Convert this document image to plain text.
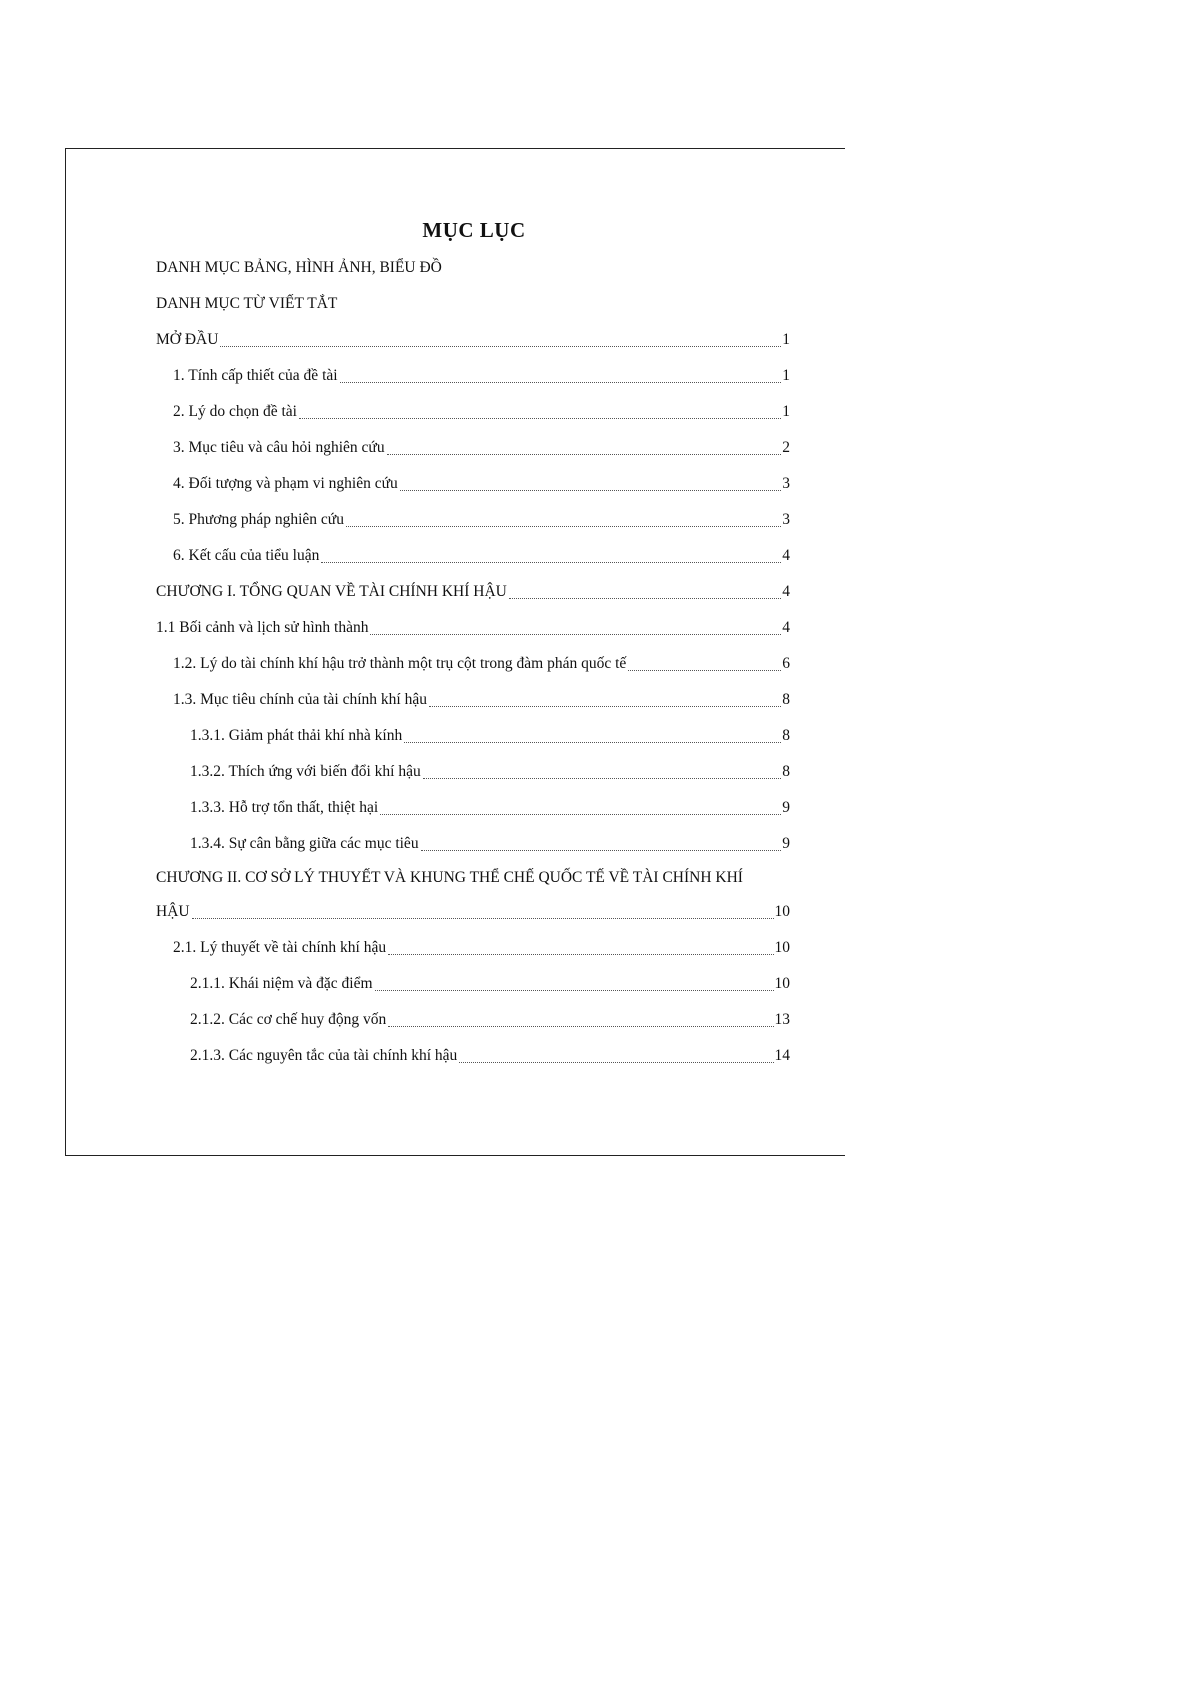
MỤC LỤC
DANH MỤC BẢNG, HÌNH ẢNH, BIỂU ĐỒ
DANH MỤC TỪ VIẾT TẮT
MỞ ĐẦU	1
1. Tính cấp thiết của đề tài	1
2. Lý do chọn đề tài	1
3. Mục tiêu và câu hỏi nghiên cứu	2
4. Đối tượng và phạm vi nghiên cứu	3
5. Phương pháp nghiên cứu	3
6. Kết cấu của tiểu luận	4
CHƯƠNG I. TỔNG QUAN VỀ TÀI CHÍNH KHÍ HẬU	4
1.1 Bối cảnh và lịch sử hình thành	4
1.2. Lý do tài chính khí hậu trở thành một trụ cột trong đàm phán quốc tế	6
1.3. Mục tiêu chính của tài chính khí hậu	8
1.3.1. Giảm phát thải khí nhà kính	8
1.3.2. Thích ứng với biến đổi khí hậu	8
1.3.3. Hỗ trợ tổn thất, thiệt hại	9
1.3.4. Sự cân bằng giữa các mục tiêu	9
CHƯƠNG II. CƠ SỞ LÝ THUYẾT VÀ KHUNG THỂ CHẾ QUỐC TẾ VỀ TÀI CHÍNH KHÍ
HẬU	10
2.1. Lý thuyết về tài chính khí hậu	10
2.1.1. Khái niệm và đặc điểm	10
2.1.2. Các cơ chế huy động vốn	13
2.1.3. Các nguyên tắc của tài chính khí hậu	14
